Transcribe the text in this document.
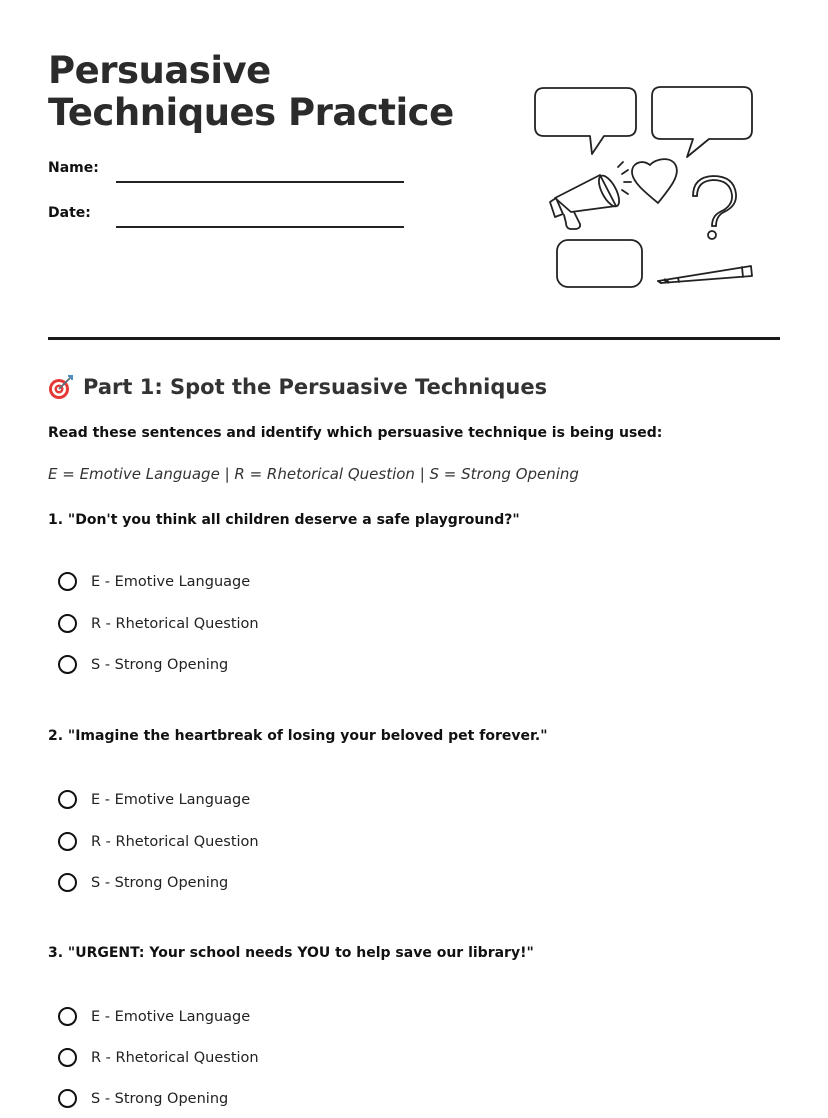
Persuasive Techniques Practice
Name:
Date:
Part 1: Spot the Persuasive Techniques
Read these sentences and identify which persuasive technique is being used:
E = Emotive Language | R = Rhetorical Question | S = Strong Opening
1. "Don't you think all children deserve a safe playground?"
E - Emotive Language
R - Rhetorical Question
S - Strong Opening
2. "Imagine the heartbreak of losing your beloved pet forever."
E - Emotive Language
R - Rhetorical Question
S - Strong Opening
3. "URGENT: Your school needs YOU to help save our library!"
E - Emotive Language
R - Rhetorical Question
S - Strong Opening
